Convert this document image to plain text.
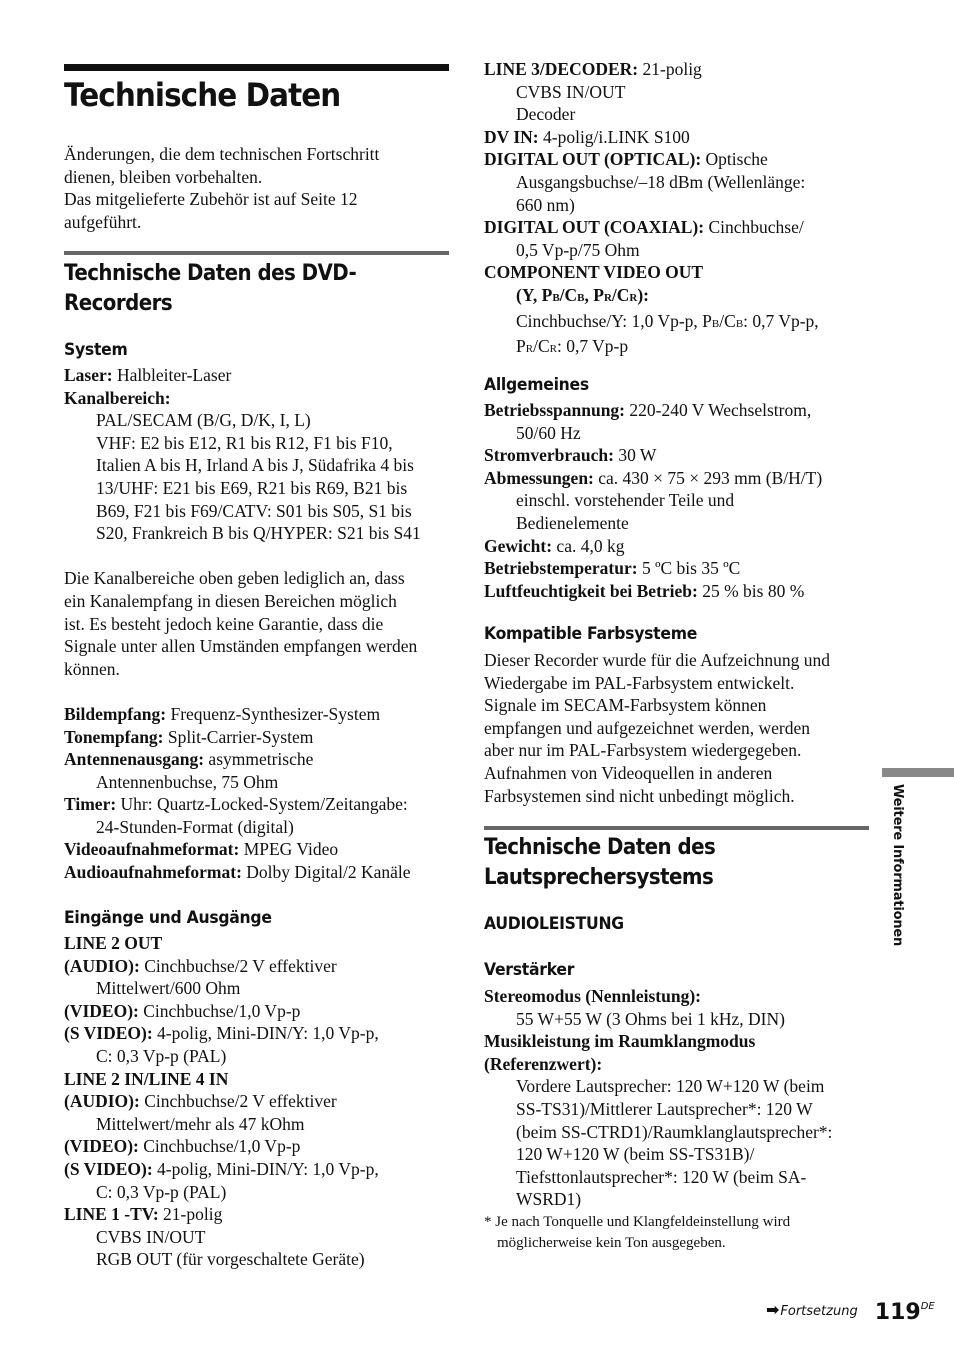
Technische Daten

Änderungen, die dem technischen Fortschritt

dienen, bleiben vorbehalten.

Das mitgelieferte Zubehör ist auf Seite 12

aufgeführt.

Technische Daten des DVD-
Recorders
System

Laser: Halbleiter-Laser

Kanalbereich:

PAL/SECAM (B/G, D/K, I, L)

VHF: E2 bis E12, R1 bis R12, F1 bis F10,

Italien A bis H, Irland A bis J, Südafrika 4 bis

13/UHF: E21 bis E69, R21 bis R69, B21 bis

B69, F21 bis F69/CATV: S01 bis S05, S1 bis

S20, Frankreich B bis Q/HYPER: S21 bis S41

Die Kanalbereiche oben geben lediglich an, dass

ein Kanalempfang in diesen Bereichen möglich

ist. Es besteht jedoch keine Garantie, dass die

Signale unter allen Umständen empfangen werden

können.

Bildempfang: Frequenz-Synthesizer-System

Tonempfang: Split-Carrier-System

Antennenausgang: asymmetrische

Antennenbuchse, 75 Ohm

Timer: Uhr: Quartz-Locked-System/Zeitangabe:

24-Stunden-Format (digital)

Videoaufnahmeformat: MPEG Video

Audioaufnahmeformat: Dolby Digital/2 Kanäle

Eingänge und Ausgänge

LINE 2 OUT

(AUDIO): Cinchbuchse/2 V effektiver

Mittelwert/600 Ohm

(VIDEO): Cinchbuchse/1,0 Vp-p

(S VIDEO): 4-polig, Mini-DIN/Y: 1,0 Vp-p,

C: 0,3 Vp-p (PAL)

LINE 2 IN/LINE 4 IN

(AUDIO): Cinchbuchse/2 V effektiver

Mittelwert/mehr als 47 kOhm

(VIDEO): Cinchbuchse/1,0 Vp-p

(S VIDEO): 4-polig, Mini-DIN/Y: 1,0 Vp-p,

C: 0,3 Vp-p (PAL)

LINE 1 -TV: 21-polig

CVBS IN/OUT

RGB OUT (für vorgeschaltete Geräte)

LINE 3/DECODER: 21-polig

CVBS IN/OUT

Decoder

DV IN: 4-polig/i.LINK S100

DIGITAL OUT (OPTICAL): Optische

Ausgangsbuchse/–18 dBm (Wellenlänge:

660 nm)

DIGITAL OUT (COAXIAL): Cinchbuchse/

0,5 Vp-p/75 Ohm

COMPONENT VIDEO OUT

(Y, PB/CB, PR/CR):

Cinchbuchse/Y: 1,0 Vp-p, PB/CB: 0,7 Vp-p,

PR/CR: 0,7 Vp-p

Allgemeines

Betriebsspannung: 220-240 V Wechselstrom,

50/60 Hz

Stromverbrauch: 30 W

Abmessungen: ca. 430 × 75 × 293 mm (B/H/T)

einschl. vorstehender Teile und

Bedienelemente

Gewicht: ca. 4,0 kg

Betriebstemperatur: 5 ºC bis 35 ºC

Luftfeuchtigkeit bei Betrieb: 25 % bis 80 %

Kompatible Farbsysteme

Dieser Recorder wurde für die Aufzeichnung und

Wiedergabe im PAL-Farbsystem entwickelt.

Signale im SECAM-Farbsystem können

empfangen und aufgezeichnet werden, werden

aber nur im PAL-Farbsystem wiedergegeben.

Aufnahmen von Videoquellen in anderen

Farbsystemen sind nicht unbedingt möglich.

Technische Daten des
Lautsprechersystems
AUDIOLEISTUNG
Verstärker

Stereomodus (Nennleistung):

55 W+55 W (3 Ohms bei 1 kHz, DIN)

Musikleistung im Raumklangmodus

(Referenzwert):

Vordere Lautsprecher: 120 W+120 W (beim

SS-TS31)/Mittlerer Lautsprecher*: 120 W

(beim SS-CTRD1)/Raumklanglautsprecher*:

120 W+120 W (beim SS-TS31B)/

Tiefsttonlautsprecher*: 120 W (beim SA-

WSRD1)

* Je nach Tonquelle und Klangfeldeinstellung wird

möglicherweise kein Ton ausgegeben.

Weitere Informationen
➡Fortsetzung 119DE
